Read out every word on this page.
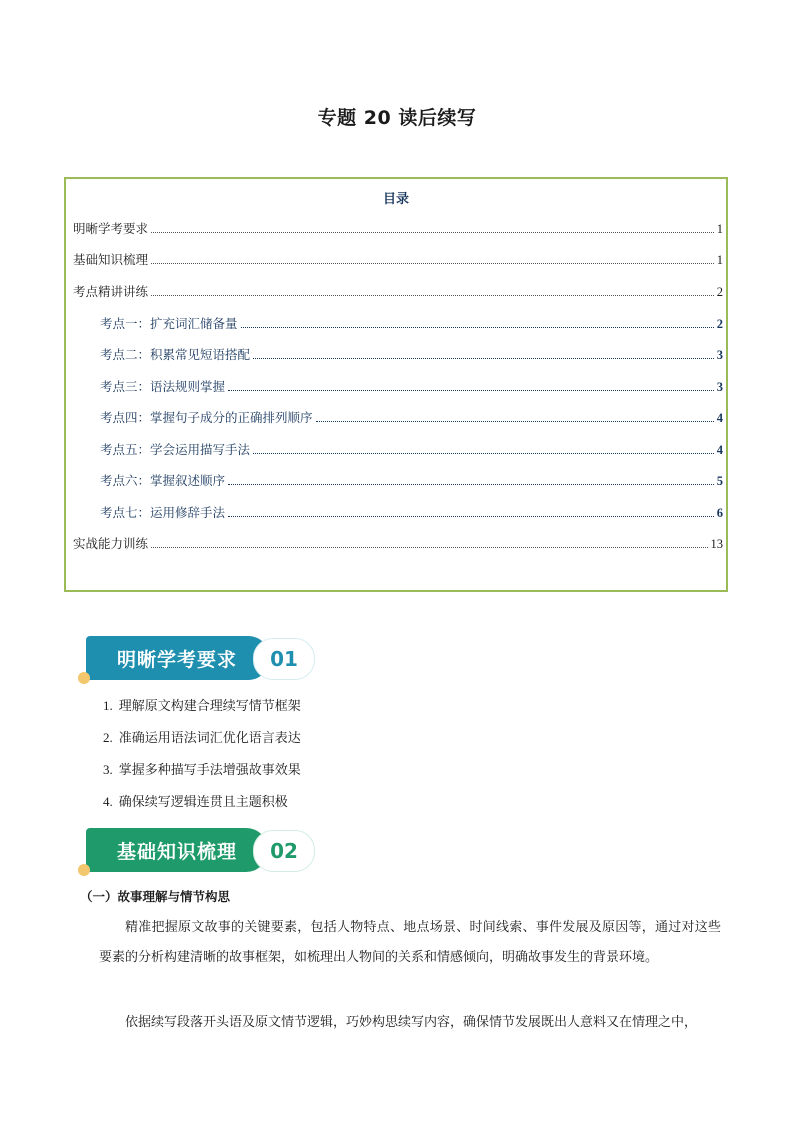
专题 20 读后续写
目录
明晰学考要求	1
基础知识梳理	1
考点精讲讲练	2
考点一：扩充词汇储备量	2
考点二：积累常见短语搭配	3
考点三：语法规则掌握	3
考点四：掌握句子成分的正确排列顺序	4
考点五：学会运用描写手法	4
考点六：掌握叙述顺序	5
考点七：运用修辞手法	6
实战能力训练	13
明晰学考要求	01
1. 理解原文构建合理续写情节框架
2. 准确运用语法词汇优化语言表达
3. 掌握多种描写手法增强故事效果
4. 确保续写逻辑连贯且主题积极
基础知识梳理	02
（一）故事理解与情节构思

精准把握原文故事的关键要素，包括人物特点、地点场景、时间线索、事件发展及原因等，通过对这些要素的分析构建清晰的故事框架，如梳理出人物间的关系和情感倾向，明确故事发生的背景环境。

依据续写段落开头语及原文情节逻辑，巧妙构思续写内容，确保情节发展既出人意料又在情理之中，
